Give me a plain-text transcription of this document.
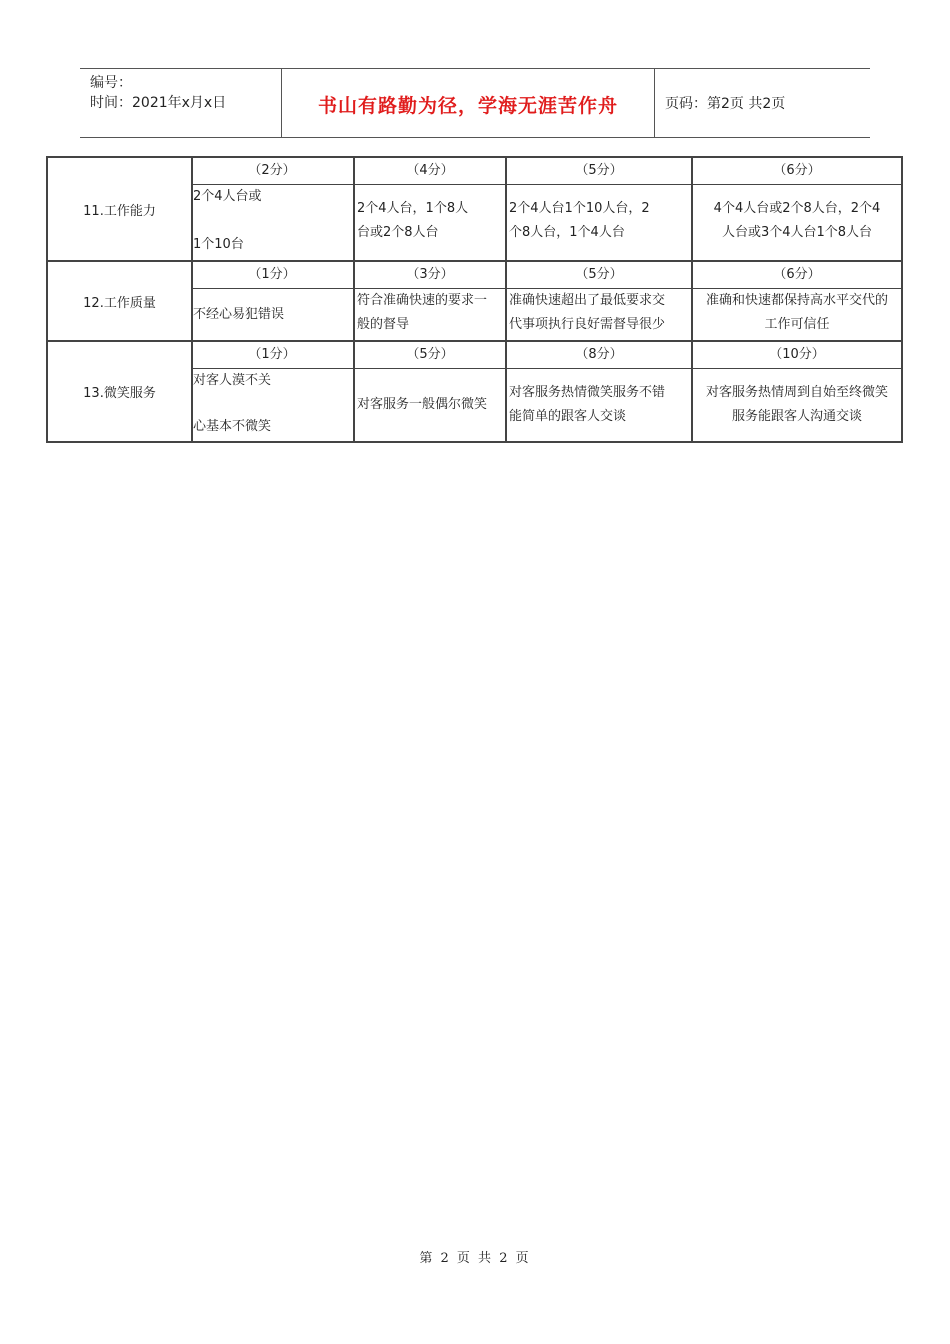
编号：
时间：2021年x月x日	书山有路勤为径，学海无涯苦作舟	页码：第2页 共2页
11.工作能力
（2分）
2个4人台或
1个10台
（4分）
2个4人台，1个8人
台或2个8人台
（5分）
2个4人台1个10人台，2
个8人台，1个4人台
（6分）
4个4人台或2个8人台，2个4
人台或3个4人台1个8人台
12.工作质量
（1分）
不经心易犯错误
（3分）
符合准确快速的要求一
般的督导
（5分）
准确快速超出了最低要求交
代事项执行良好需督导很少
（6分）
准确和快速都保持高水平交代的
工作可信任
13.微笑服务
（1分）
对客人漠不关
心基本不微笑
（5分）
对客服务一般偶尔微笑
（8分）
对客服务热情微笑服务不错
能简单的跟客人交谈
（10分）
对客服务热情周到自始至终微笑
服务能跟客人沟通交谈
第 2 页 共 2 页
